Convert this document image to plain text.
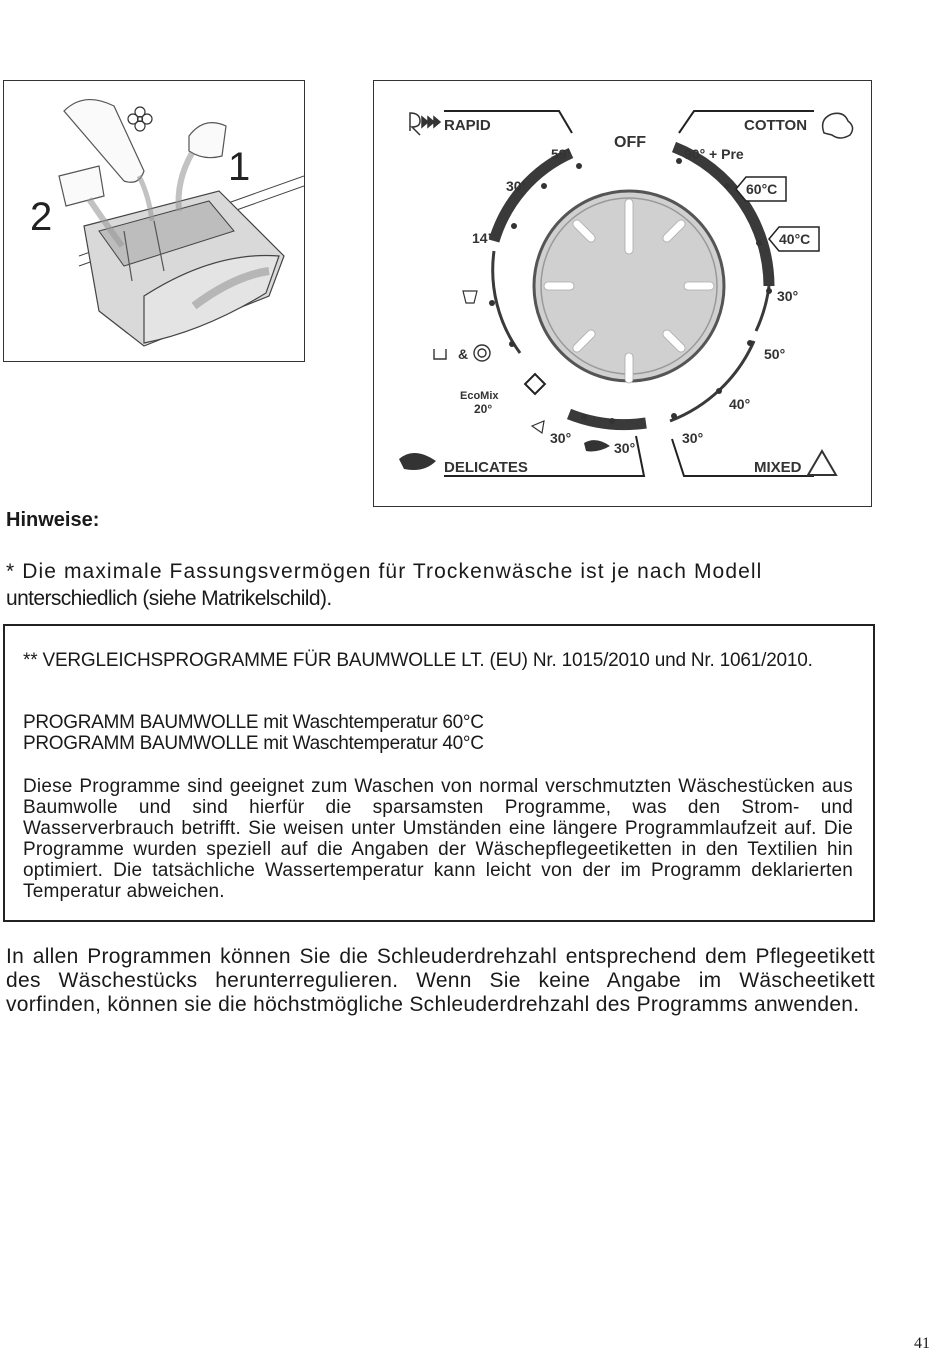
1
2
RAPID	COTTON
OFF
DELICATES	MIXED
59’
30’
14’
90° + Pre
60°C
40°C
30°
50°
40°
30°
30°
30°
&
EcoMix
20°
Hinweise:
* Die maximale Fassungsvermögen für Trockenwäsche ist je nach Modell
unterschiedlich (siehe Matrikelschild).

** VERGLEICHSPROGRAMME FÜR BAUMWOLLE LT. (EU) Nr. 1015/2010 und Nr. 1061/2010.

PROGRAMM BAUMWOLLE mit Waschtemperatur 60°C
PROGRAMM BAUMWOLLE mit Waschtemperatur 40°C

Diese Programme sind geeignet zum Waschen von normal verschmutzten Wäschestücken aus Baumwolle und sind hierfür die sparsamsten Programme, was den Strom- und Wasserverbrauch betrifft. Sie weisen unter Umständen eine längere Programmlaufzeit auf. Die Programme wurden speziell auf die Angaben der Wäschepflegeetiketten in den Textilien hin optimiert. Die tatsächliche Wassertemperatur kann leicht von der im Programm deklarierten Temperatur abweichen.

In allen Programmen können Sie die Schleuderdrehzahl entsprechend dem Pflegeetikett des Wäschestücks herunterregulieren. Wenn Sie keine Angabe im Wäscheetikett vorfinden, können sie die höchstmögliche Schleuderdrehzahl des Programms anwenden.
41
